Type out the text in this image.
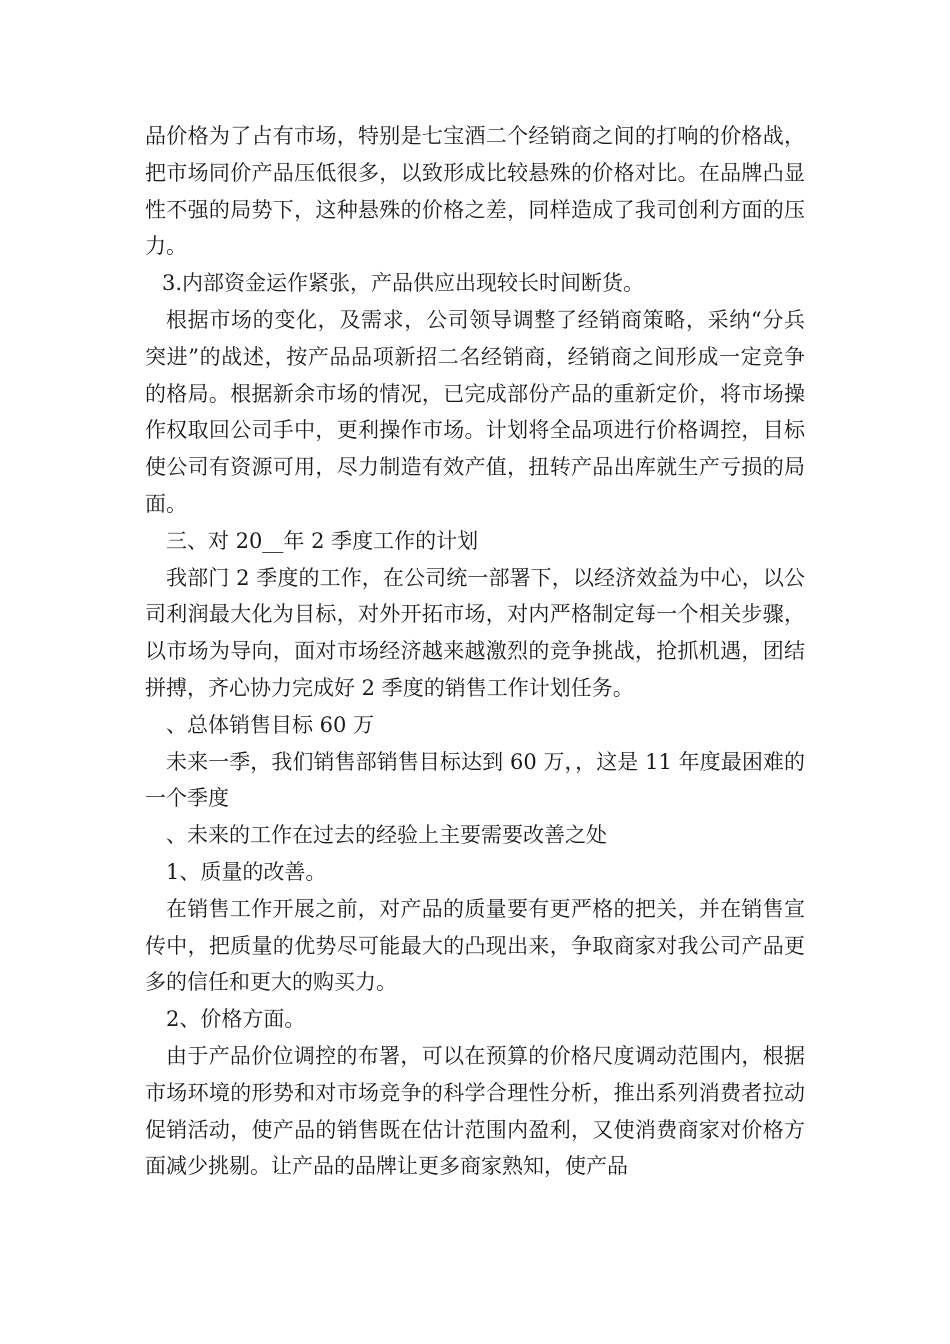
品价格为了占有市场，特别是七宝酒二个经销商之间的打响的价格战，把市场同价产品压低很多，以致形成比较悬殊的价格对比。在品牌凸显性不强的局势下，这种悬殊的价格之差，同样造成了我司创利方面的压力。

3.内部资金运作紧张，产品供应出现较长时间断货。

根据市场的变化，及需求，公司领导调整了经销商策略，采纳“分兵突进”的战述，按产品品项新招二名经销商，经销商之间形成一定竞争的格局。根据新余市场的情况，已完成部份产品的重新定价，将市场操作权取回公司手中，更利操作市场。计划将全品项进行价格调控，目标使公司有资源可用，尽力制造有效产值，扭转产品出库就生产亏损的局面。

三、对 20__年 2 季度工作的计划

我部门 2 季度的工作，在公司统一部署下，以经济效益为中心，以公司利润最大化为目标，对外开拓市场，对内严格制定每一个相关步骤，以市场为导向，面对市场经济越来越激烈的竞争挑战，抢抓机遇，团结拼搏，齐心协力完成好 2 季度的销售工作计划任务。

、总体销售目标 60 万

未来一季，我们销售部销售目标达到 60 万，，这是 11 年度最困难的一个季度

、未来的工作在过去的经验上主要需要改善之处

1、质量的改善。

在销售工作开展之前，对产品的质量要有更严格的把关，并在销售宣传中，把质量的优势尽可能最大的凸现出来，争取商家对我公司产品更多的信任和更大的购买力。

2、价格方面。

由于产品价位调控的布署，可以在预算的价格尺度调动范围内，根据市场环境的形势和对市场竞争的科学合理性分析，推出系列消费者拉动促销活动，使产品的销售既在估计范围内盈利，又使消费商家对价格方面减少挑剔。让产品的品牌让更多商家熟知，使产品
